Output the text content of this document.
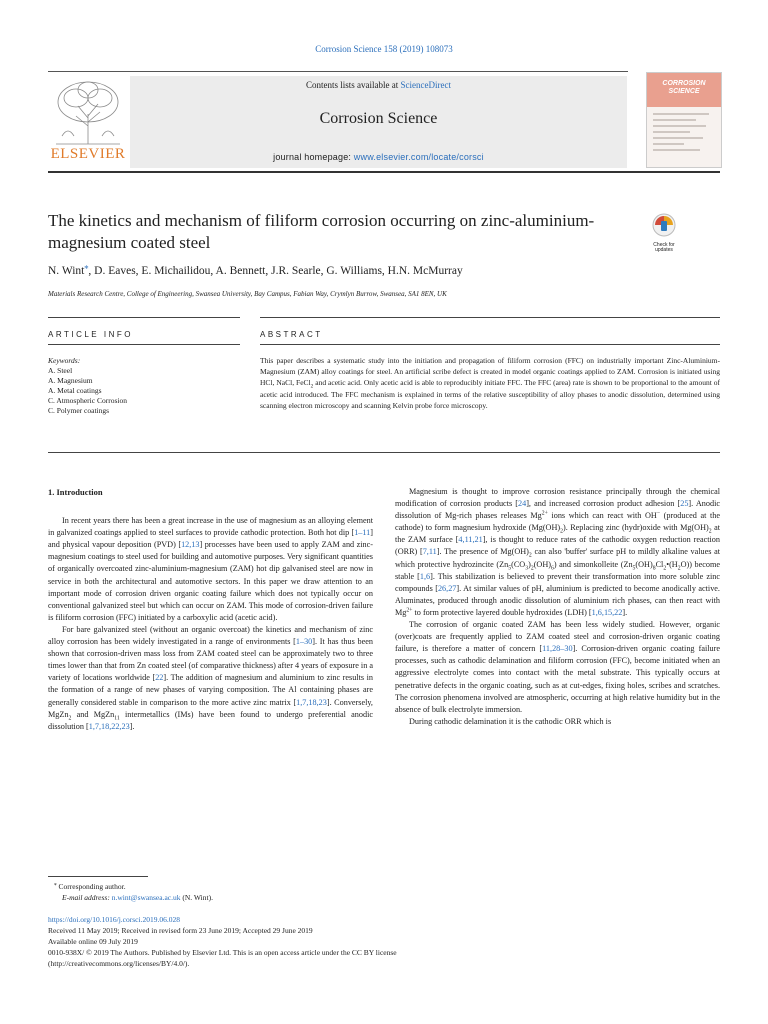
Corrosion Science 158 (2019) 108073
ELSEVIER
Contents lists available at ScienceDirect
Corrosion Science
journal homepage: www.elsevier.com/locate/corsci
CORROSION
SCIENCE
The kinetics and mechanism of filiform corrosion occurring on zinc-aluminium-magnesium coated steel	Check for updates
N. Wint⁎, D. Eaves, E. Michailidou, A. Bennett, J.R. Searle, G. Williams, H.N. McMurray
Materials Research Centre, College of Engineering, Swansea University, Bay Campus, Fabian Way, Crymlyn Burrow, Swansea, SA1 8EN, UK
ARTICLE INFO	ABSTRACT
Keywords:
A. Steel
A. Magnesium
A. Metal coatings
C. Atmospheric Corrosion
C. Polymer coatings
This paper describes a systematic study into the initiation and propagation of filiform corrosion (FFC) on industrially important Zinc-Aluminium-Magnesium (ZAM) alloy coatings for steel. An artificial scribe defect is created in model organic coatings applied to ZAM. Corrosion is initiated using HCl, NaCl, FeCl$_2$ and acetic acid. Only acetic acid is able to reproducibly initiate FFC. The FFC (area) rate is shown to be proportional to the amount of acetic acid introduced. The FFC mechanism is explained in terms of the relative susceptibility of alloy phases to anodic dissolution, determined using scanning electron microscopy and scanning Kelvin probe force microscopy.
1. Introduction

In recent years there has been a great increase in the use of magnesium as an alloying element in galvanized coatings applied to steel surfaces to provide cathodic protection. Both hot dip [1–11] and physical vapour deposition (PVD) [12,13] processes have been used to apply ZAM and zinc-magnesium coatings to steel used for building and automotive purposes. Very significant quantities of organically overcoated zinc-aluminium-magnesium (ZAM) hot dip galvanised steel are now in service in both the architectural and automotive sectors. In this paper we draw attention to an important mode of corrosion driven organic coating failure which does not typically occur on conventional galvanized steel but which can occur on ZAM. This mode of corrosion-driven failure is filiform corrosion (FFC) initiated by a carboxylic acid (acetic acid).

For bare galvanized steel (without an organic overcoat) the kinetics and mechanism of zinc alloy corrosion has been widely investigated in a range of environments [1–30]. It has thus been shown that corrosion-driven mass loss from ZAM coated steel can be approximately two to three times lower than that from Zn coated steel (of comparative thickness) after 4 years of exposure in a variety of locations worldwide [22]. The addition of magnesium and aluminium to zinc results in the formation of a range of new phases of varying composition. The Al containing phases are generally considered stable in comparison to the more active zinc matrix [1,7,18,23]. Conversely, MgZn$_2$ and MgZn$_{11}$ intermetallics (IMs) have been found to undergo preferential anodic dissolution [1,7,18,22,23].

Magnesium is thought to improve corrosion resistance principally through the chemical modification of corrosion products [24], and increased corrosion product adhesion [25]. Anodic dissolution of Mg-rich phases releases $Mg^{2+}$ ions which can react with OH− (produced at the cathode) to form magnesium hydroxide $(Mg(OH)_2)$. Replacing zinc (hydr)oxide with $Mg(OH)_2$ at the ZAM surface [4,11,21], is thought to reduce rates of the cathodic oxygen reduction reaction (ORR) [7,11]. The presence of $Mg(OH)_2$ can also 'buffer' surface pH to mildly alkaline values at which protective hydrozincite $(Zn_5(CO_3)_2(OH)_6)$ and simonkolleite $(Zn_5(OH)_8Cl_2•(H_2O))$ become stable [1,6]. This stabilization is believed to prevent their transformation into more soluble zinc compounds [26,27]. At similar values of pH, aluminium is predicted to become anodically active. Aluminates, produced through anodic dissolution of aluminium rich phases, can then react with $Mg^{2+}$ to form protective layered double hydroxides (LDH) [1,6,15,22].

The corrosion of organic coated ZAM has been less widely studied. However, organic (over)coats are frequently applied to ZAM coated steel and corrosion-driven organic coating failure, is therefore a matter of concern [11,28–30]. Corrosion-driven organic coating failure processes, such as cathodic delamination and filiform corrosion (FFC), become initiated when an aggressive electrolyte comes into contact with the metal substrate. This typically occurs at penetrative defects in the organic coating, such as at cut-edges, fixing holes, scribes and scratches. The corrosion phenomena involved are atmospheric, occurring at high relative humidity but in the absence of bulk electrolyte immersion.

During cathodic delamination it is the cathodic ORR which is

⁎ Corresponding author.
E-mail address: n.wint@swansea.ac.uk (N. Wint).
https://doi.org/10.1016/j.corsci.2019.06.028
Received 11 May 2019; Received in revised form 23 June 2019; Accepted 29 June 2019
Available online 09 July 2019
0010-938X/ © 2019 The Authors. Published by Elsevier Ltd. This is an open access article under the CC BY license
(http://creativecommons.org/licenses/BY/4.0/).
